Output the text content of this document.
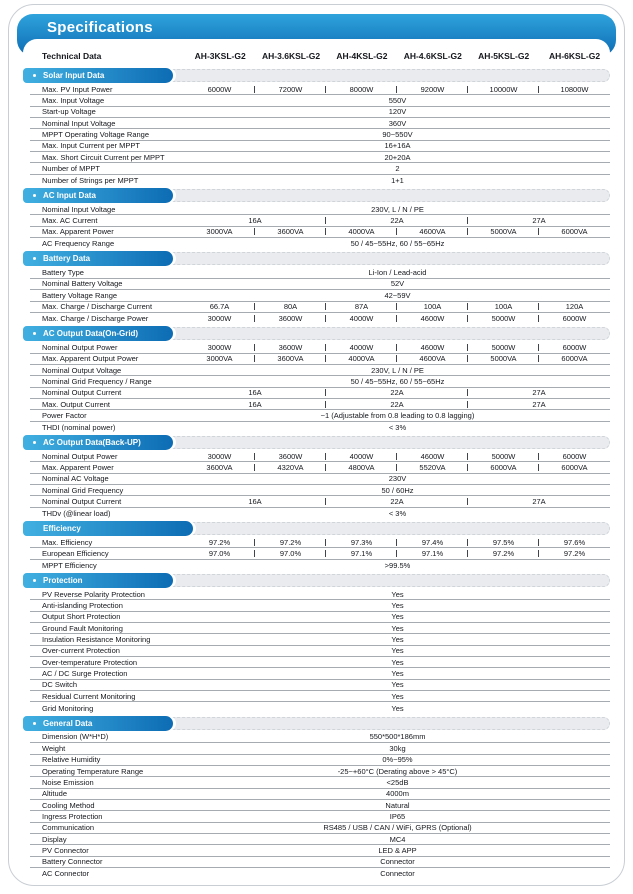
Specifications
Technical Data	AH-3KSL-G2	AH-3.6KSL-G2	AH-4KSL-G2	AH-4.6KSL-G2	AH-5KSL-G2	AH-6KSL-G2
Solar Input Data
Max. PV Input Power	6000W	7200W	8000W	9200W	10000W	10800W
Max. Input Voltage	550V
Start-up Voltage	120V
Nominal Input Voltage	360V
MPPT Operating Voltage Range	90~550V
Max. Input Current per MPPT	16+16A
Max. Short Circuit Current per MPPT	20+20A
Number of MPPT	2
Number of Strings per MPPT	1+1
AC Input Data
Nominal Input Voltage	230V, L / N / PE
Max. AC Current	16A	22A	27A
Max. Apparent Power	3000VA	3600VA	4000VA	4600VA	5000VA	6000VA
AC Frequency Range	50 / 45~55Hz, 60 / 55~65Hz
Battery Data
Battery Type	Li-Ion / Lead-acid
Nominal Battery Voltage	52V
Battery Voltage Range	42~59V
Max. Charge / Discharge Current	66.7A	80A	87A	100A	100A	120A
Max. Charge / Discharge Power	3000W	3600W	4000W	4600W	5000W	6000W
AC Output Data(On-Grid)
Nominal Output Power	3000W	3600W	4000W	4600W	5000W	6000W
Max. Apparent Output Power	3000VA	3600VA	4000VA	4600VA	5000VA	6000VA
Nominal Output Voltage	230V, L / N / PE
Nominal Grid Frequency / Range	50 / 45~55Hz, 60 / 55~65Hz
Nominal Output Current	16A	22A	27A
Max. Output Current	16A	22A	27A
Power Factor	~1 (Adjustable from 0.8 leading to 0.8 lagging)
THDI (nominal power)	< 3%
AC Output Data(Back-UP)
Nominal Output Power	3000W	3600W	4000W	4600W	5000W	6000W
Max. Apparent Power	3600VA	4320VA	4800VA	5520VA	6000VA	6000VA
Nominal AC Voltage	230V
Nominal Grid Frequency	50 / 60Hz
Nominal Output Current	16A	22A	27A
THDv (@linear load)	< 3%
Efficiency
Max. Efficiency	97.2%	97.2%	97.3%	97.4%	97.5%	97.6%
European Efficiency	97.0%	97.0%	97.1%	97.1%	97.2%	97.2%
MPPT Efficiency	>99.5%
Protection
PV Reverse Polarity Protection	Yes
Anti-islanding Protection	Yes
Output Short Protection	Yes
Ground Fault Monitoring	Yes
Insulation Resistance Monitoring	Yes
Over-current Protection	Yes
Over-temperature Protection	Yes
AC / DC Surge Protection	Yes
DC Switch	Yes
Residual Current Monitoring	Yes
Grid Monitoring	Yes
General Data
Dimension (W*H*D)	550*500*186mm
Weight	30kg
Relative Humidity	0%~95%
Operating Temperature Range	-25~+60°C (Derating above > 45°C)
Noise Emission	<25dB
Altitude	4000m
Cooling Method	Natural
Ingress Protection	IP65
Communication	RS485 / USB / CAN / WiFi, GPRS (Optional)
Display	MC4
PV Connector	LED & APP
Battery Connector	Connector
AC Connector	Connector
